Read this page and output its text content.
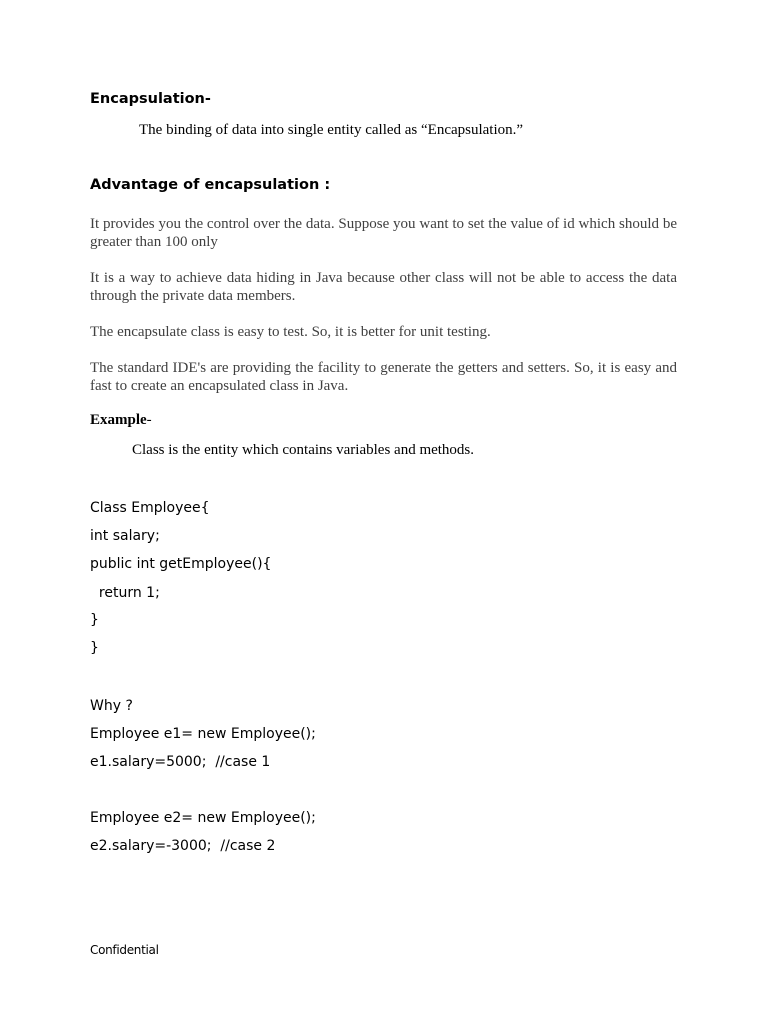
Encapsulation-
The binding of data into single entity called as “Encapsulation.”
Advantage of encapsulation :
It provides you the control over the data. Suppose you want to set the value of id which should be greater than 100 only
It is a way to achieve data hiding in Java because other class will not be able to access the data through the private data members.
The encapsulate class is easy to test. So, it is better for unit testing.
The standard IDE's are providing the facility to generate the getters and setters. So, it is easy and fast to create an encapsulated class in Java.
Example-
Class is the entity which contains variables and methods.
Class Employee{
int salary;
public int getEmployee(){
return 1;
}
}
Why ?
Employee e1= new Employee();
e1.salary=5000;  //case 1
Employee e2= new Employee();
e2.salary=-3000;  //case 2
Confidential
